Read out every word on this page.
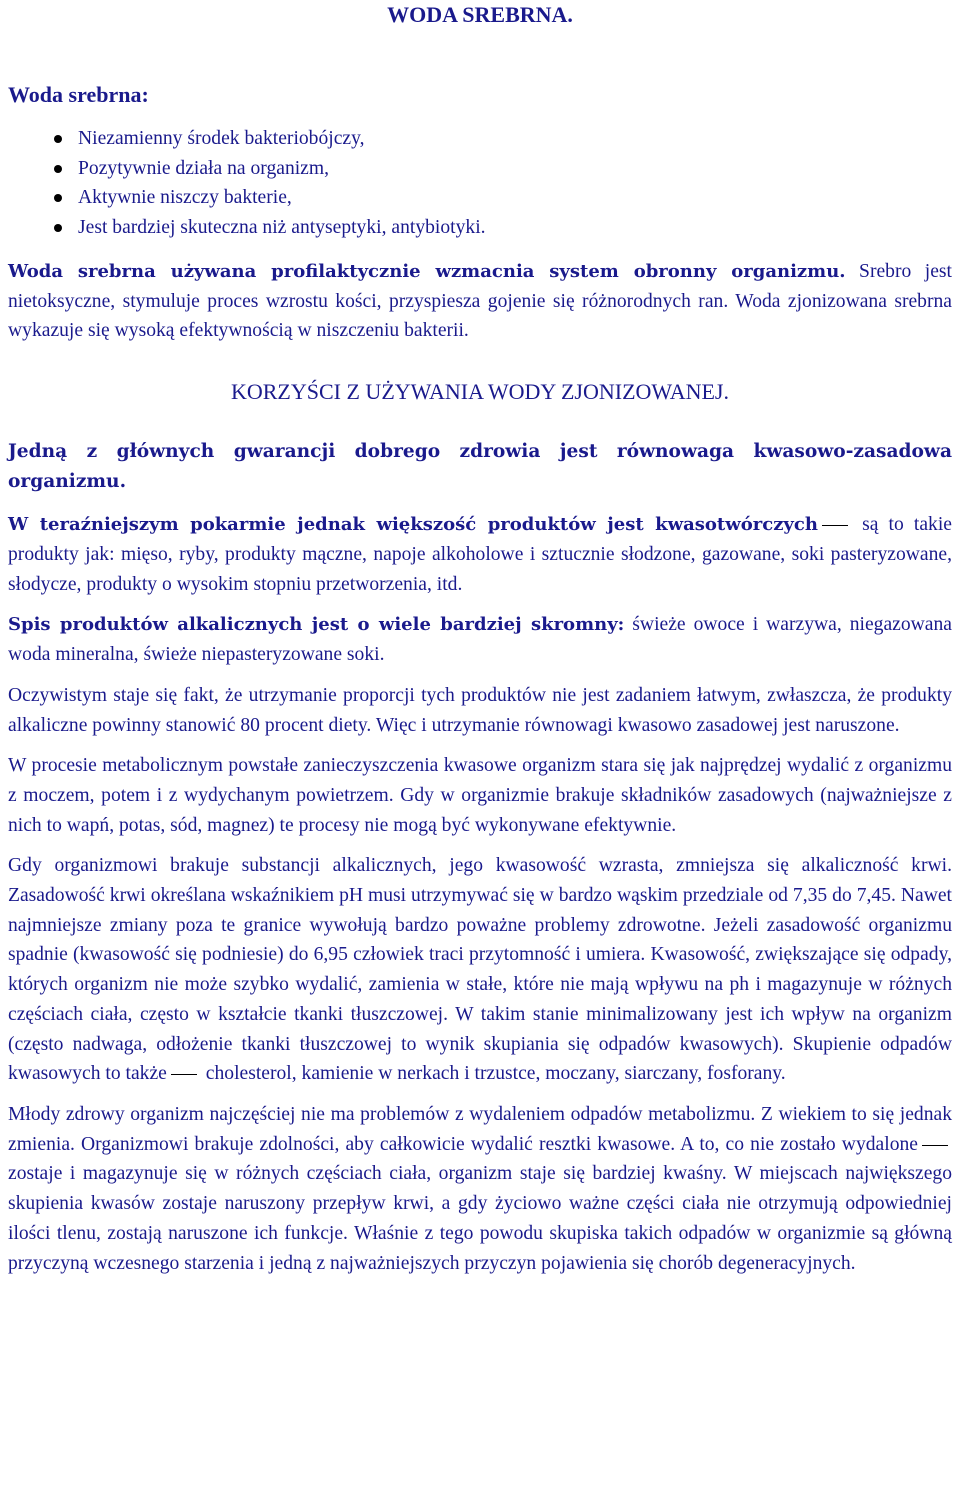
WODA SREBRNA.
Woda srebrna:
Niezamienny środek bakteriobójczy,
Pozytywnie działa na organizm,
Aktywnie niszczy bakterie,
Jest bardziej skuteczna niż antyseptyki, antybiotyki.

Woda srebrna używana profilaktycznie wzmacnia system obronny organizmu. Srebro jest nietoksyczne, stymuluje proces wzrostu kości, przyspiesza gojenie się różnorodnych ran. Woda zjonizowana srebrna wykazuje się wysoką efektywnością w niszczeniu bakterii.

KORZYŚCI Z UŻYWANIA WODY ZJONIZOWANEJ.

Jedną z głównych gwarancji dobrego zdrowia jest równowaga kwasowo-zasadowa organizmu.

W teraźniejszym pokarmie jednak większość produktów jest kwasotwórczych są to takie produkty jak: mięso, ryby, produkty mączne, napoje alkoholowe i sztucznie słodzone, gazowane, soki pasteryzowane, słodycze, produkty o wysokim stopniu przetworzenia, itd.

Spis produktów alkalicznych jest o wiele bardziej skromny: świeże owoce i warzywa, niegazowana woda mineralna, świeże niepasteryzowane soki.

Oczywistym staje się fakt, że utrzymanie proporcji tych produktów nie jest zadaniem łatwym, zwłaszcza, że produkty alkaliczne powinny stanowić 80 procent diety. Więc i utrzymanie równowagi kwasowo zasadowej jest naruszone.

W procesie metabolicznym powstałe zanieczyszczenia kwasowe organizm stara się jak najprędzej wydalić z organizmu z moczem, potem i z wydychanym powietrzem. Gdy w organizmie brakuje składników zasadowych (najważniejsze z nich to wapń, potas, sód, magnez) te procesy nie mogą być wykonywane efektywnie.

Gdy organizmowi brakuje substancji alkalicznych, jego kwasowość wzrasta, zmniejsza się alkaliczność krwi. Zasadowość krwi określana wskaźnikiem pH musi utrzymywać się w bardzo wąskim przedziale od 7,35 do 7,45. Nawet najmniejsze zmiany poza te granice wywołują bardzo poważne problemy zdrowotne. Jeżeli zasadowość organizmu spadnie (kwasowość się podniesie) do 6,95 człowiek traci przytomność i umiera. Kwasowość, zwiększające się odpady, których organizm nie może szybko wydalić, zamienia w stałe, które nie mają wpływu na ph i magazynuje w różnych częściach ciała, często w kształcie tkanki tłuszczowej. W takim stanie minimalizowany jest ich wpływ na organizm (często nadwaga, odłożenie tkanki tłuszczowej to wynik skupiania się odpadów kwasowych). Skupienie odpadów kwasowych to także cholesterol, kamienie w nerkach i trzustce, moczany, siarczany, fosforany.

Młody zdrowy organizm najczęściej nie ma problemów z wydaleniem odpadów metabolizmu. Z wiekiem to się jednak zmienia. Organizmowi brakuje zdolności, aby całkowicie wydalić resztki kwasowe. A to, co nie zostało wydalone zostaje i magazynuje się w różnych częściach ciała, organizm staje się bardziej kwaśny. W miejscach największego skupienia kwasów zostaje naruszony przepływ krwi, a gdy życiowo ważne części ciała nie otrzymują odpowiedniej ilości tlenu, zostają naruszone ich funkcje. Właśnie z tego powodu skupiska takich odpadów w organizmie są główną przyczyną wczesnego starzenia i jedną z najważniejszych przyczyn pojawienia się chorób degeneracyjnych.
